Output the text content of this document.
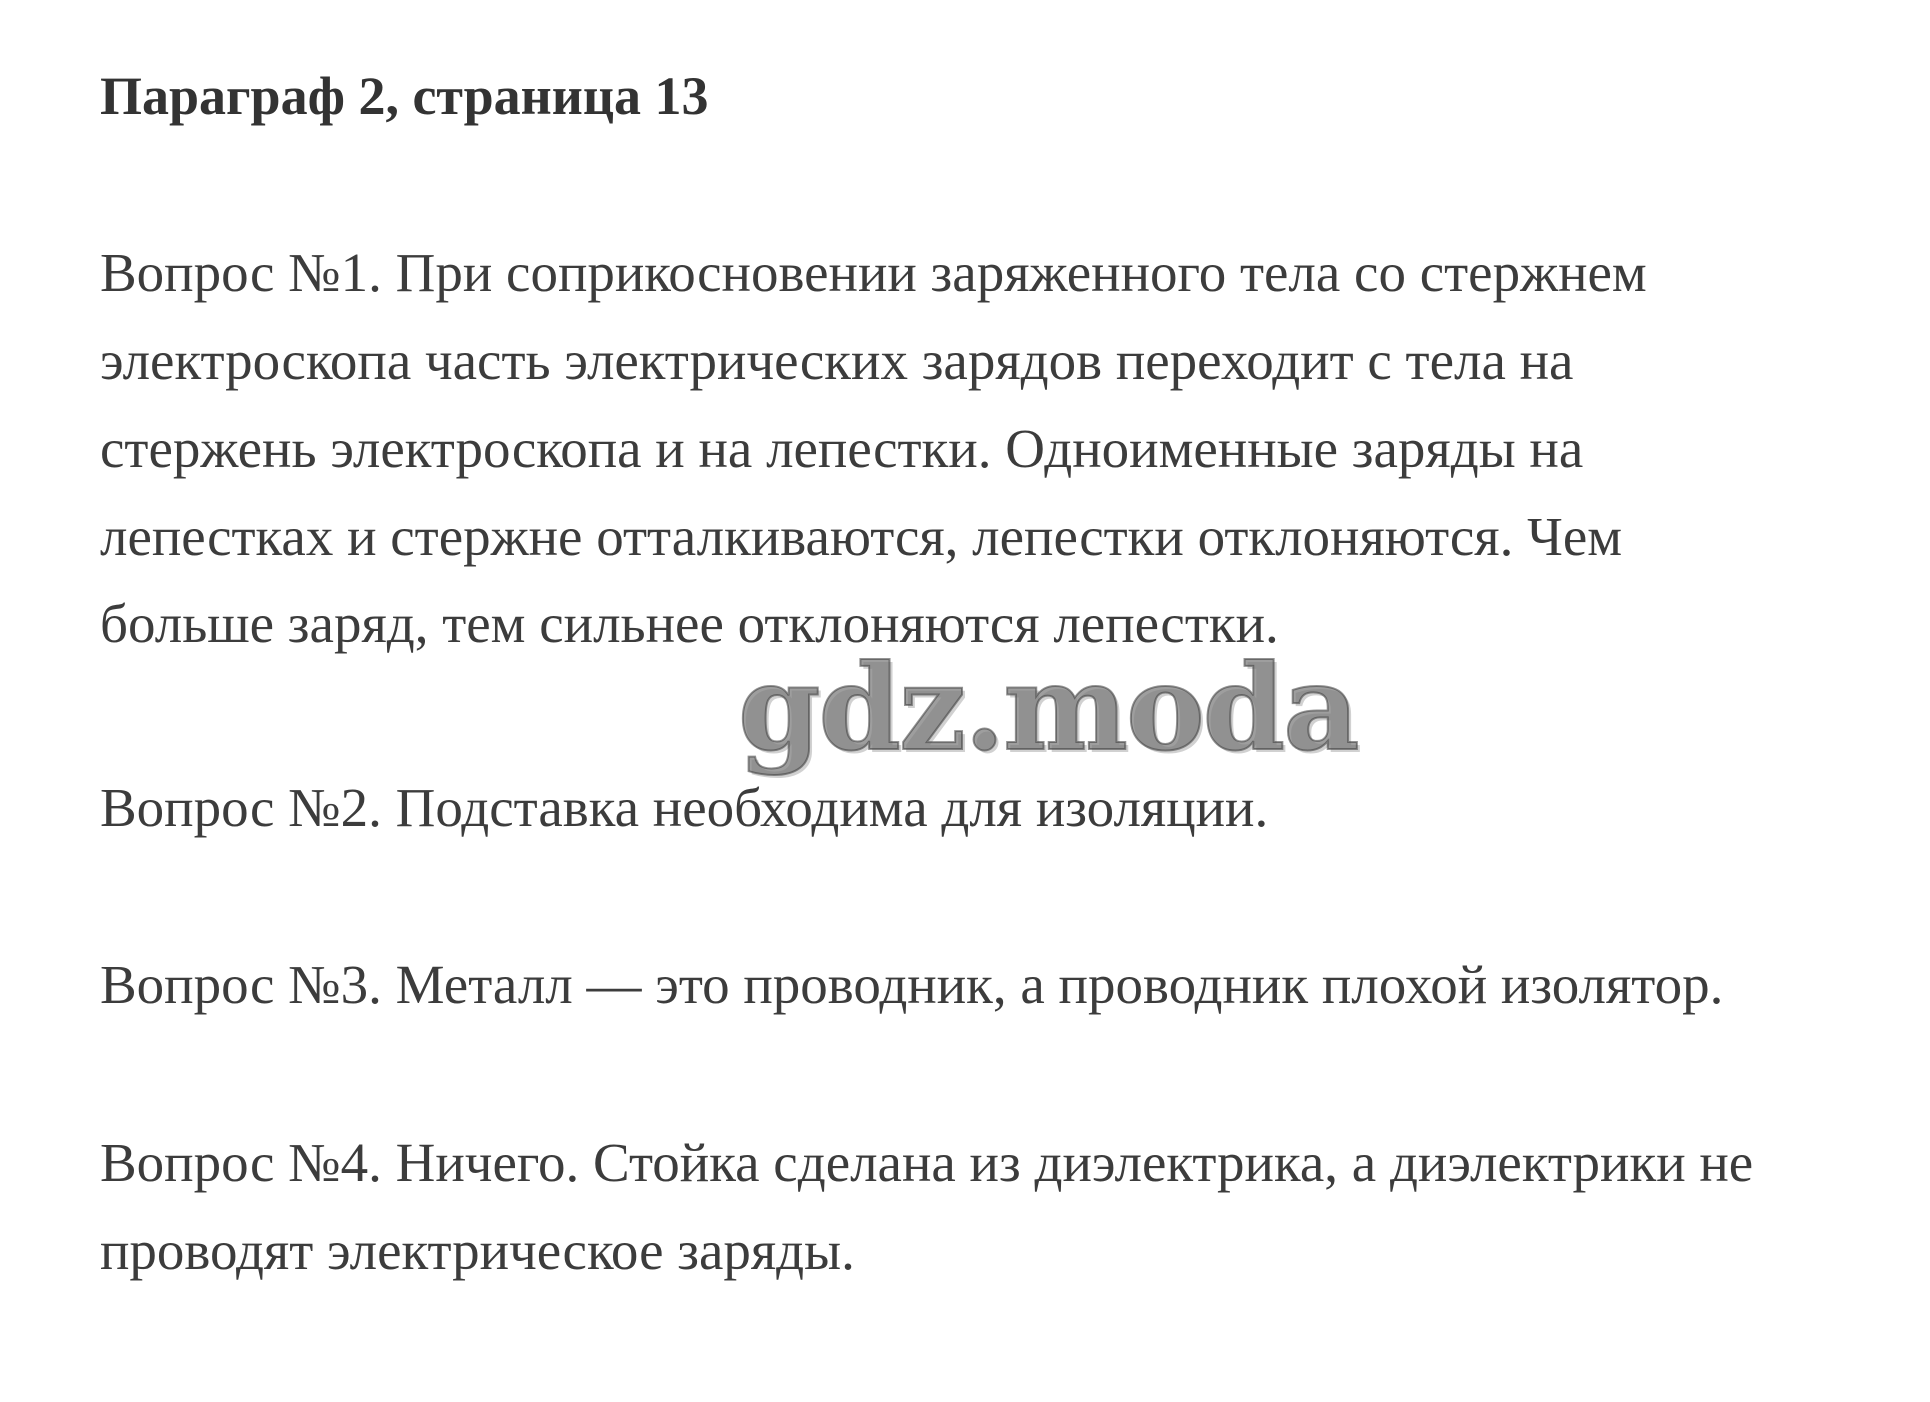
Параграф 2, страница 13

Вопрос №1. При соприкосновении заряженного тела со стержнем

электроскопа часть электрических зарядов переходит с тела на

стержень электроскопа и на лепестки. Одноименные заряды на

лепестках и стержне отталкиваются, лепестки отклоняются. Чем

больше заряд, тем сильнее отклоняются лепестки.

gdz.moda

Вопрос №2. Подставка необходима для изоляции.

Вопрос №3. Металл — это проводник, а проводник плохой изолятор.

Вопрос №4. Ничего. Стойка сделана из диэлектрика, а диэлектрики не

проводят электрическое заряды.
